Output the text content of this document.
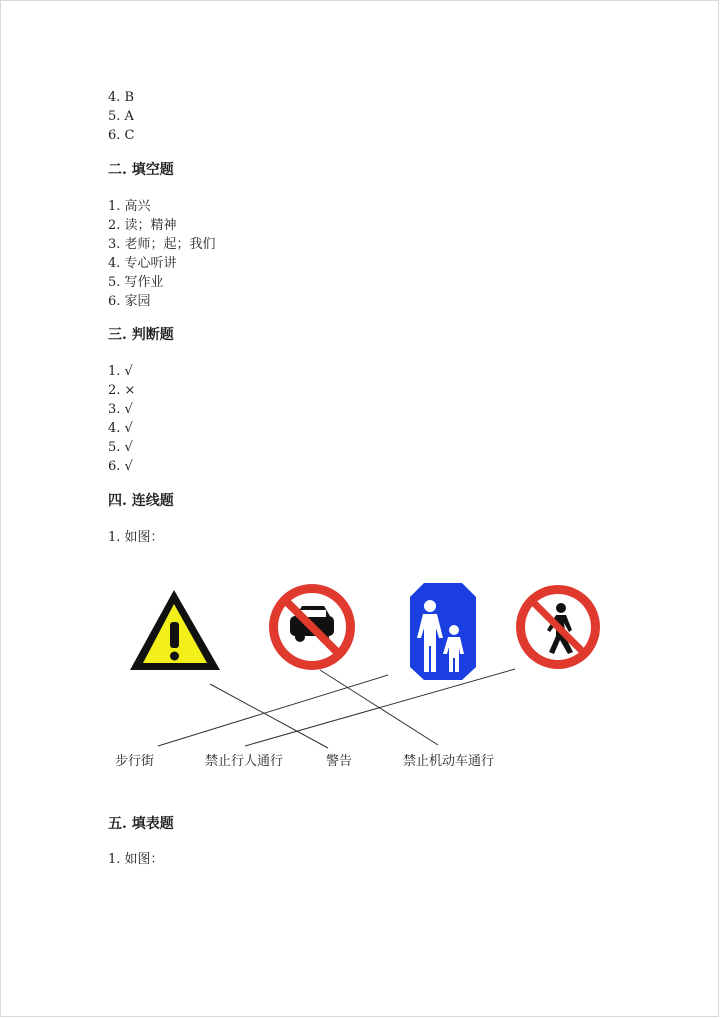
4. B
5. A
6. C
二. 填空题
1. 高兴
2. 读；精神
3. 老师；起；我们
4. 专心听讲
5. 写作业
6. 家园
三. 判断题
1. √
2. ×
3. √
4. √
5. √
6. √
四. 连线题
1. 如图：
步行街	禁止行人通行	警告	禁止机动车通行
五. 填表题
1. 如图：
